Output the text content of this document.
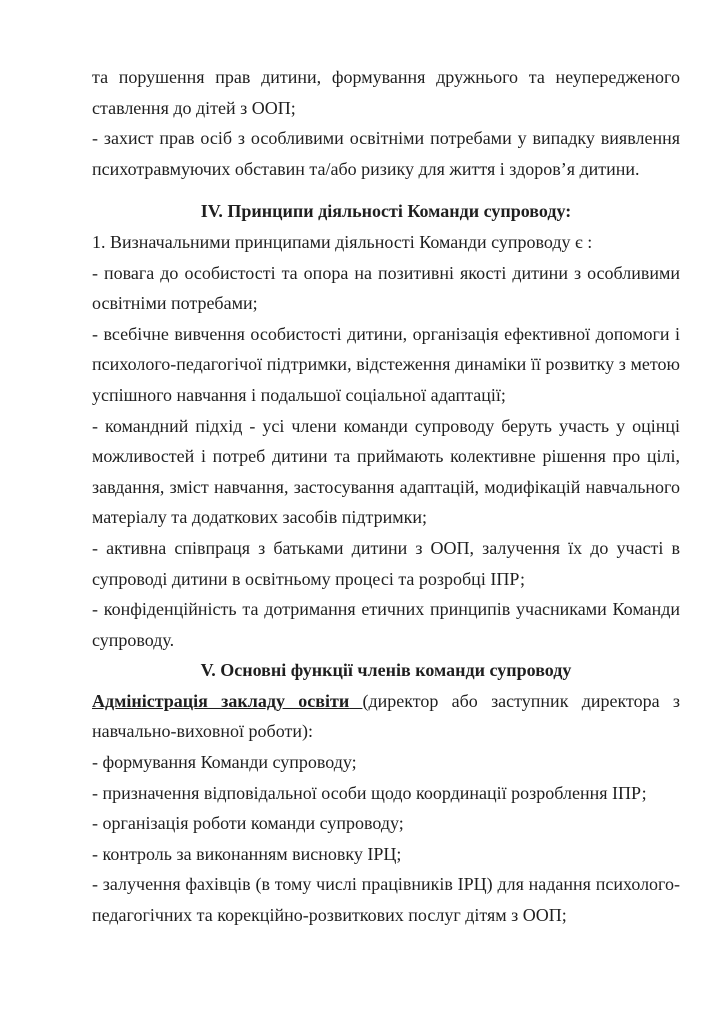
та порушення прав дитини, формування дружнього та неупередженого
ставлення до дітей з ООП;
- захист прав осіб з особливими освітніми потребами у випадку виявлення
психотравмуючих обставин та/або ризику для життя і здоров’я дитини.
IV. Принципи діяльності Команди супроводу:
1. Визначальними принципами діяльності Команди супроводу є :
- повага до особистості та опора на позитивні якості дитини з особливими
освітніми потребами;
- всебічне вивчення особистості дитини, організація ефективної допомоги і
психолого-педагогічої підтримки, відстеження динаміки її розвитку з метою
успішного навчання і подальшої соціальної адаптації;
- командний підхід - усі члени команди супроводу беруть участь у оцінці
можливостей і потреб дитини та приймають колективне рішення про цілі,
завдання, зміст навчання, застосування адаптацій, модифікацій навчального
матеріалу та додаткових засобів підтримки;
- активна співпраця з батьками дитини з ООП, залучення їх до участі в
супроводі дитини в освітньому процесі та розробці ІПР;
- конфіденційність та дотримання етичних принципів учасниками Команди
супроводу.
V. Основні функції членів команди супроводу
Адміністрація закладу освіти (директор або заступник директора з
навчально-виховної роботи):
- формування Команди супроводу;
- призначення відповідальної особи щодо координації розроблення ІПР;
- організація роботи команди супроводу;
- контроль за виконанням висновку ІРЦ;
- залучення фахівців (в тому числі працівників ІРЦ) для надання психолого-
педагогічних та корекційно-розвиткових послуг дітям з ООП;
